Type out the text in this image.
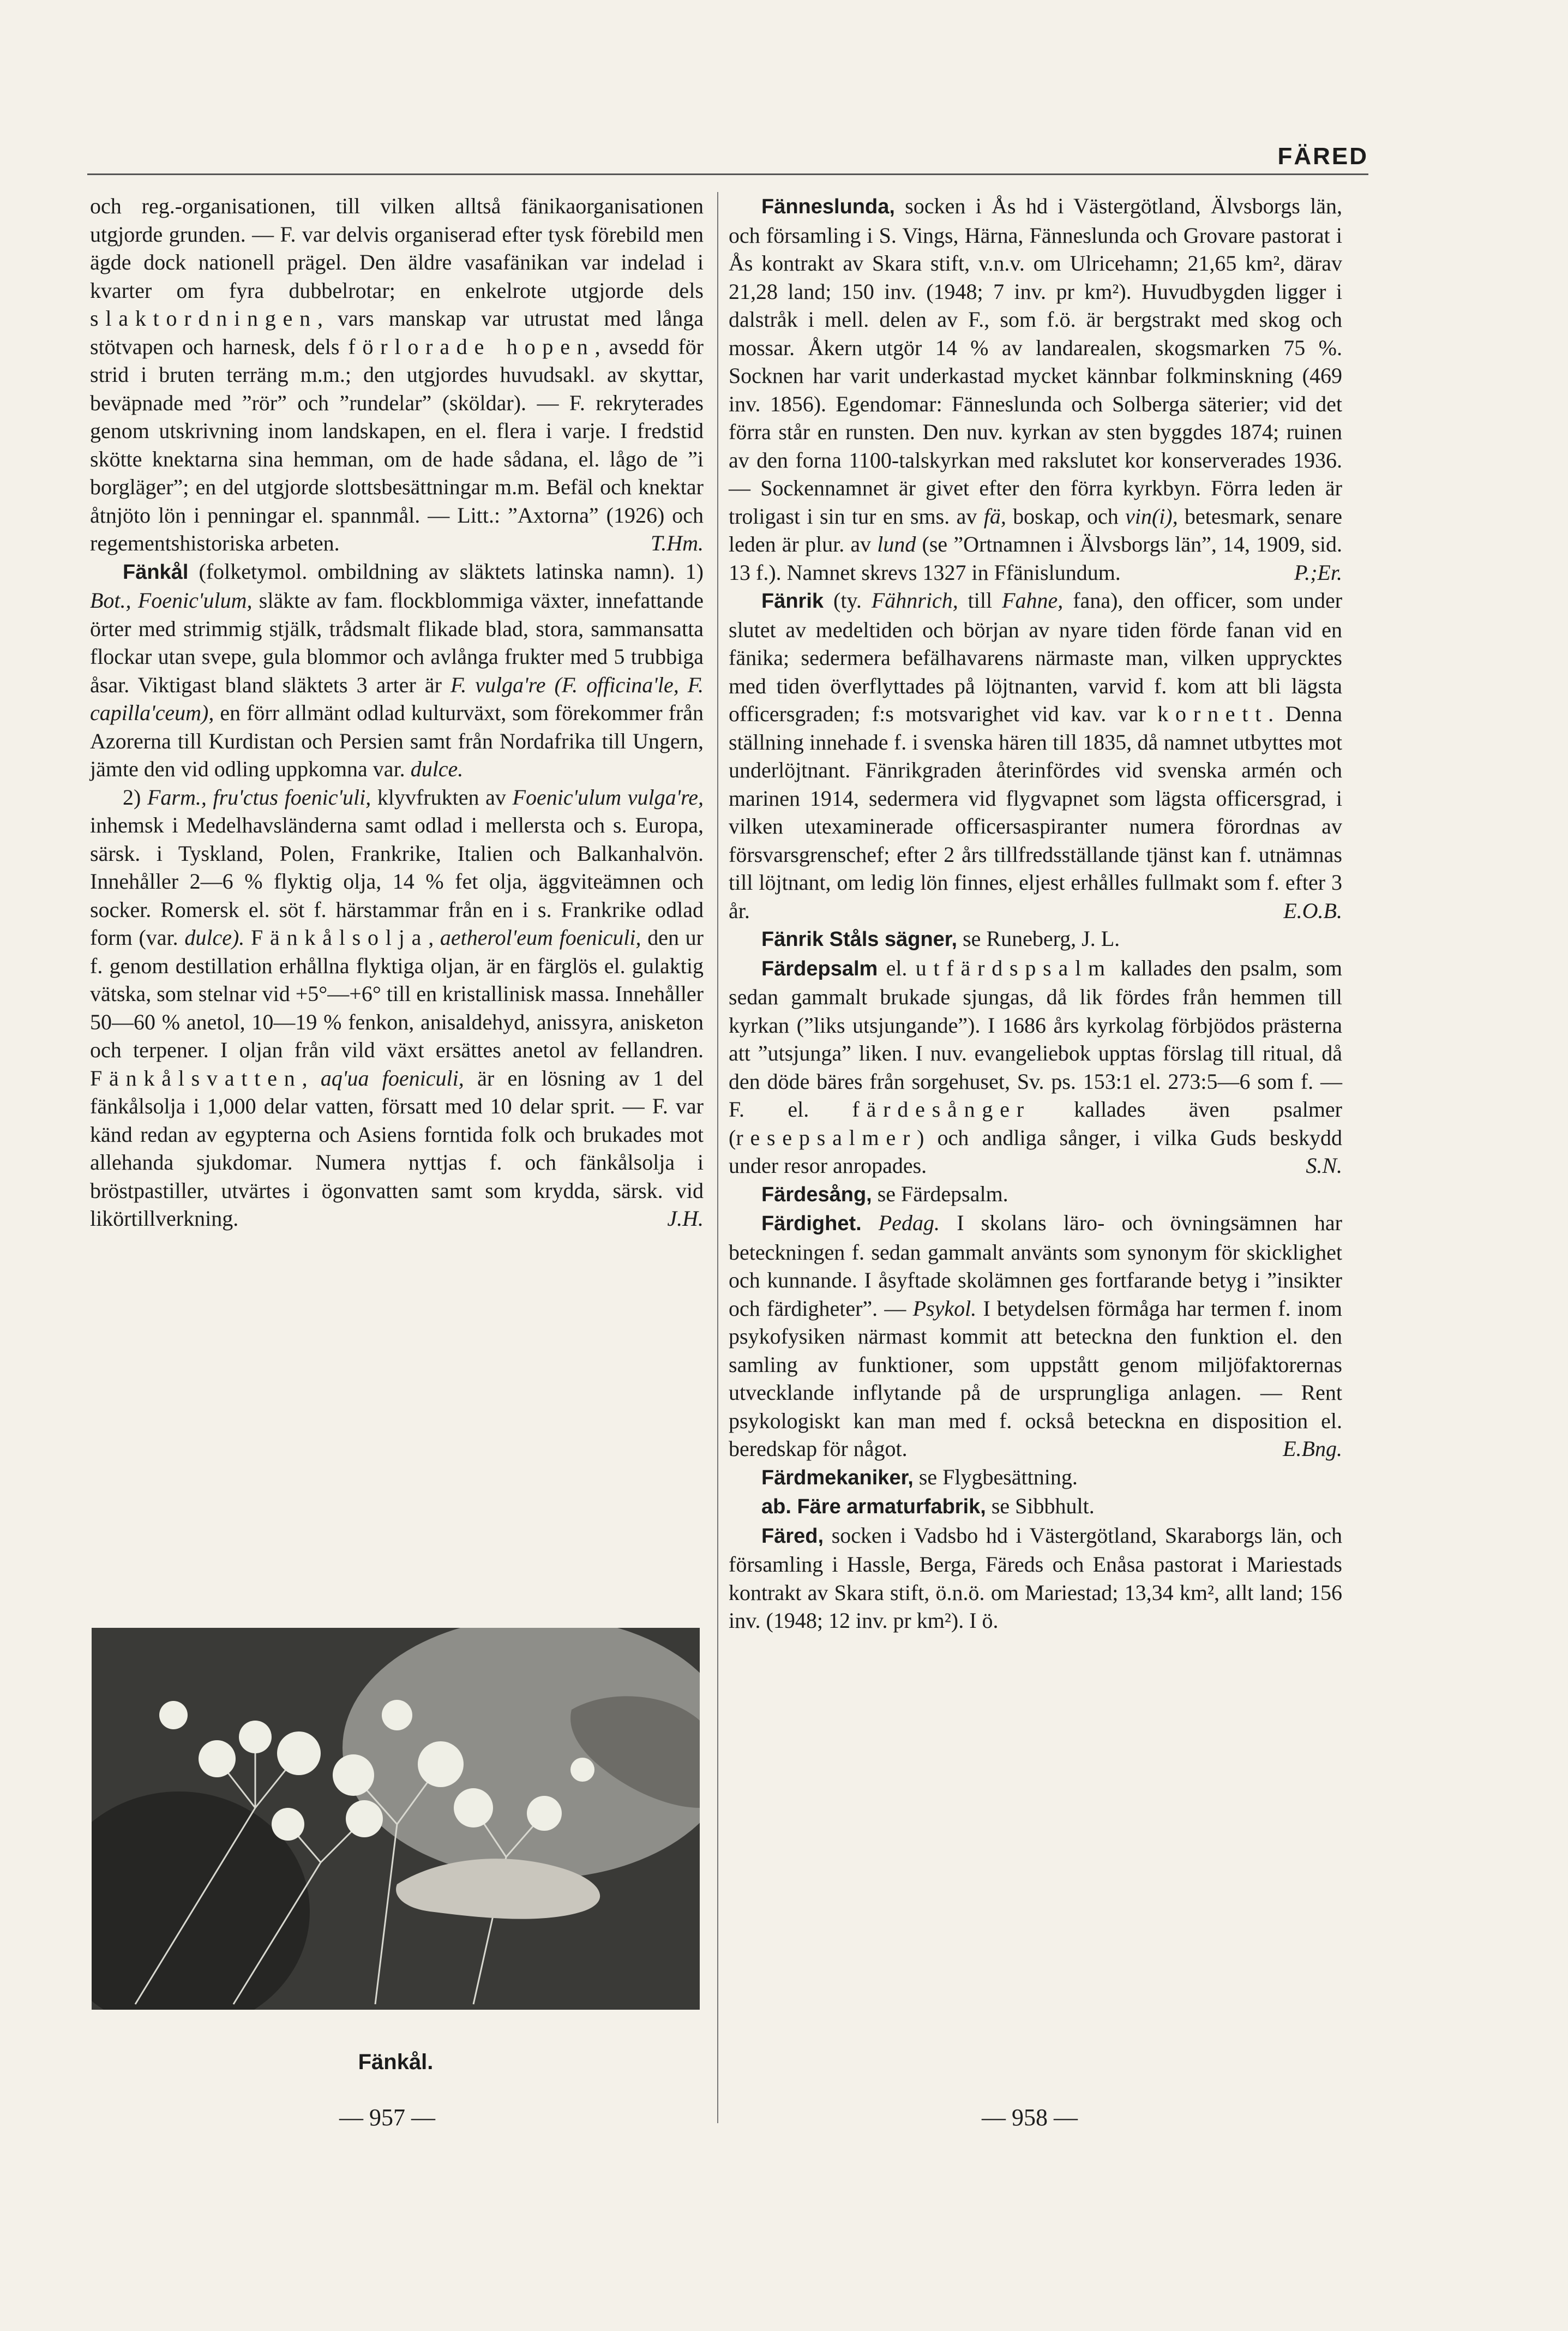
FÄRED

och reg.-organisationen, till vilken alltså fänikaorganisationen utgjorde grunden. — F. var delvis organiserad efter tysk förebild men ägde dock nationell prägel. Den äldre vasafänikan var indelad i kvarter om fyra dubbelrotar; en enkelrote utgjorde dels slaktordningen, vars manskap var utrustat med långa stötvapen och harnesk, dels förlorade hopen, avsedd för strid i bruten terräng m.m.; den utgjordes huvudsakl. av skyttar, beväpnade med ”rör” och ”rundelar” (sköldar). — F. rekryterades genom utskrivning inom landskapen, en el. flera i varje. I fredstid skötte knektarna sina hemman, om de hade sådana, el. lågo de ”i borgläger”; en del utgjorde slottsbesättningar m.m. Befäl och knektar åtnjöto lön i penningar el. spannmål. — Litt.: ”Axtorna” (1926) och regementshistoriska arbeten.	T.Hm.

Fänkål (folketymol. ombildning av släktets latinska namn). 1) Bot., Foenic'ulum, släkte av fam. flockblommiga växter, innefattande örter med strimmig stjälk, trådsmalt flikade blad, stora, sammansatta flockar utan svepe, gula blommor och avlånga frukter med 5 trubbiga åsar. Viktigast bland släktets 3 arter är F. vulga're (F. officina'le, F. capilla'ceum), en förr allmänt odlad kulturväxt, som förekommer från Azorerna till Kurdistan och Persien samt från Nordafrika till Ungern, jämte den vid odling uppkomna var. dulce.

2) Farm., fru'ctus foenic'uli, klyvfrukten av Foenic'ulum vulga're, inhemsk i Medelhavsländerna samt odlad i mellersta och s. Europa, särsk. i Tyskland, Polen, Frankrike, Italien och Balkanhalvön. Innehåller 2—6 % flyktig olja, 14 % fet olja, äggviteämnen och socker. Romersk el. söt f. härstammar från en i s. Frankrike odlad form (var. dulce). Fänkålsolja, aetherol'eum foeniculi, den ur f. genom destillation erhållna flyktiga oljan, är en färglös el. gulaktig vätska, som stelnar vid +5°—+6° till en kristallinisk massa. Innehåller 50—60 % anetol, 10—19 % fenkon, anisaldehyd, anissyra, anisketon och terpener. I oljan från vild växt ersättes anetol av fellandren. Fänkålsvatten, aq'ua foeniculi, är en lösning av 1 del fänkålsolja i 1,000 delar vatten, försatt med 10 delar sprit. — F. var känd redan av egypterna och Asiens forntida folk och brukades mot allehanda sjukdomar. Numera nyttjas f. och fänkålsolja i bröstpastiller, utvärtes i ögonvatten samt som krydda, särsk. vid likörtillverkning.	J.H.

Fänkål.

Fänneslunda, socken i Ås hd i Västergötland, Älvsborgs län, och församling i S. Vings, Härna, Fänneslunda och Grovare pastorat i Ås kontrakt av Skara stift, v.n.v. om Ulricehamn; 21,65 km², därav 21,28 land; 150 inv. (1948; 7 inv. pr km²). Huvudbygden ligger i dalstråk i mell. delen av F., som f.ö. är bergstrakt med skog och mossar. Åkern utgör 14 % av landarealen, skogsmarken 75 %. Socknen har varit underkastad mycket kännbar folkminskning (469 inv. 1856). Egendomar: Fänneslunda och Solberga säterier; vid det förra står en runsten. Den nuv. kyrkan av sten byggdes 1874; ruinen av den forna 1100-talskyrkan med rakslutet kor konserverades 1936. — Sockennamnet är givet efter den förra kyrkbyn. Förra leden är troligast i sin tur en sms. av fä, boskap, och vin(i), betesmark, senare leden är plur. av lund (se ”Ortnamnen i Älvsborgs län”, 14, 1909, sid. 13 f.). Namnet skrevs 1327 in Ffänislundum.	P.;Er.

Fänrik (ty. Fähnrich, till Fahne, fana), den officer, som under slutet av medeltiden och början av nyare tiden förde fanan vid en fänika; sedermera befälhavarens närmaste man, vilken upprycktes med tiden överflyttades på löjtnanten, varvid f. kom att bli lägsta officersgraden; f:s motsvarighet vid kav. var kornett. Denna ställning innehade f. i svenska hären till 1835, då namnet utbyttes mot underlöjtnant. Fänrikgraden återinfördes vid svenska armén och marinen 1914, sedermera vid flygvapnet som lägsta officersgrad, i vilken utexaminerade officersaspiranter numera förordnas av försvarsgrenschef; efter 2 års tillfredsställande tjänst kan f. utnämnas till löjtnant, om ledig lön finnes, eljest erhålles fullmakt som f. efter 3 år.	E.O.B.

Fänrik Ståls sägner, se Runeberg, J. L.

Färdepsalm el. utfärdspsalm kallades den psalm, som sedan gammalt brukade sjungas, då lik fördes från hemmen till kyrkan (”liks utsjungande”). I 1686 års kyrkolag förbjödos prästerna att ”utsjunga” liken. I nuv. evangeliebok upptas förslag till ritual, då den döde bäres från sorgehuset, Sv. ps. 153:1 el. 273:5—6 som f. — F. el. färdesånger kallades även psalmer (resepsalmer) och andliga sånger, i vilka Guds beskydd under resor anropades.	S.N.

Färdesång, se Färdepsalm.

Färdighet. Pedag. I skolans läro- och övningsämnen har beteckningen f. sedan gammalt använts som synonym för skicklighet och kunnande. I åsyftade skolämnen ges fortfarande betyg i ”insikter och färdigheter”. — Psykol. I betydelsen förmåga har termen f. inom psykofysiken närmast kommit att beteckna den funktion el. den samling av funktioner, som uppstått genom miljöfaktorernas utvecklande inflytande på de ursprungliga anlagen. — Rent psykologiskt kan man med f. också beteckna en disposition el. beredskap för något.	E.Bng.

Färdmekaniker, se Flygbesättning.

ab. Färe armaturfabrik, se Sibbhult.

Färed, socken i Vadsbo hd i Västergötland, Skaraborgs län, och församling i Hassle, Berga, Färeds och Enåsa pastorat i Mariestads kontrakt av Skara stift, ö.n.ö. om Mariestad; 13,34 km², allt land; 156 inv. (1948; 12 inv. pr km²). I ö.

— 957 —	— 958 —
